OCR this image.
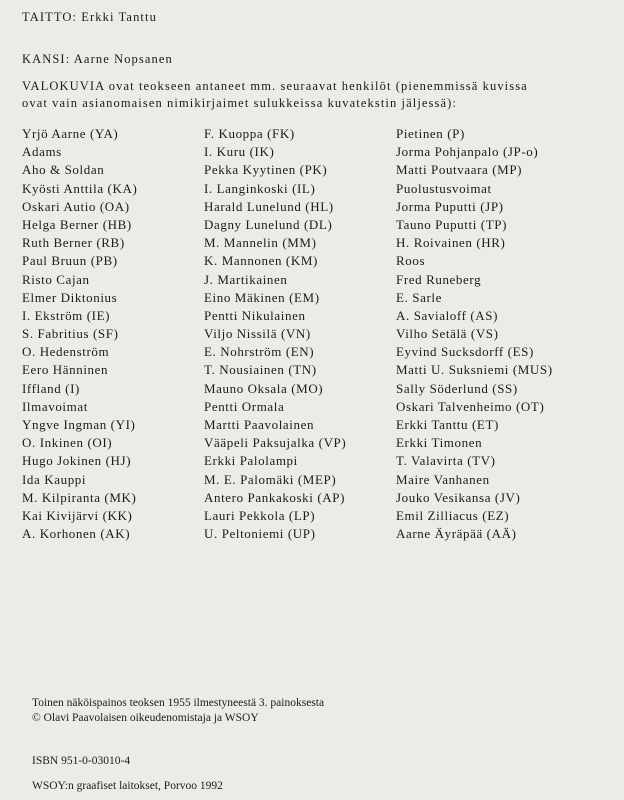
TAITTO: Erkki Tanttu
KANSI: Aarne Nopsanen
VALOKUVIA ovat teokseen antaneet mm. seuraavat henkilöt (pienemmissä kuvissa
ovat vain asianomaisen nimikirjaimet sulukkeissa kuvatekstin jäljessä):
Yrjö Aarne (YA)
Adams
Aho & Soldan
Kyösti Anttila (KA)
Oskari Autio (OA)
Helga Berner (HB)
Ruth Berner (RB)
Paul Bruun (PB)
Risto Cajan
Elmer Diktonius
I. Ekström (IE)
S. Fabritius (SF)
O. Hedenström
Eero Hänninen
Iffland (I)
Ilmavoimat
Yngve Ingman (YI)
O. Inkinen (OI)
Hugo Jokinen (HJ)
Ida Kauppi
M. Kilpiranta (MK)
Kai Kivijärvi (KK)
A. Korhonen (AK)
F. Kuoppa (FK)
I. Kuru (IK)
Pekka Kyytinen (PK)
I. Langinkoski (IL)
Harald Lunelund (HL)
Dagny Lunelund (DL)
M. Mannelin (MM)
K. Mannonen (KM)
J. Martikainen
Eino Mäkinen (EM)
Pentti Nikulainen
Viljo Nissilä (VN)
E. Nohrström (EN)
T. Nousiainen (TN)
Mauno Oksala (MO)
Pentti Ormala
Martti Paavolainen
Vääpeli Paksujalka (VP)
Erkki Palolampi
M. E. Palomäki (MEP)
Antero Pankakoski (AP)
Lauri Pekkola (LP)
U. Peltoniemi (UP)
Pietinen (P)
Jorma Pohjanpalo (JP-o)
Matti Poutvaara (MP)
Puolustusvoimat
Jorma Puputti (JP)
Tauno Puputti (TP)
H. Roivainen (HR)
Roos
Fred Runeberg
E. Sarle
A. Savialoff (AS)
Vilho Setälä (VS)
Eyvind Sucksdorff (ES)
Matti U. Suksniemi (MUS)
Sally Söderlund (SS)
Oskari Talvenheimo (OT)
Erkki Tanttu (ET)
Erkki Timonen
T. Valavirta (TV)
Maire Vanhanen
Jouko Vesikansa (JV)
Emil Zilliacus (EZ)
Aarne Äyräpää (AÄ)
Toinen näköispainos teoksen 1955 ilmestyneestä 3. painoksesta
© Olavi Paavolaisen oikeudenomistaja ja WSOY
ISBN 951-0-03010-4
WSOY:n graafiset laitokset, Porvoo 1992
